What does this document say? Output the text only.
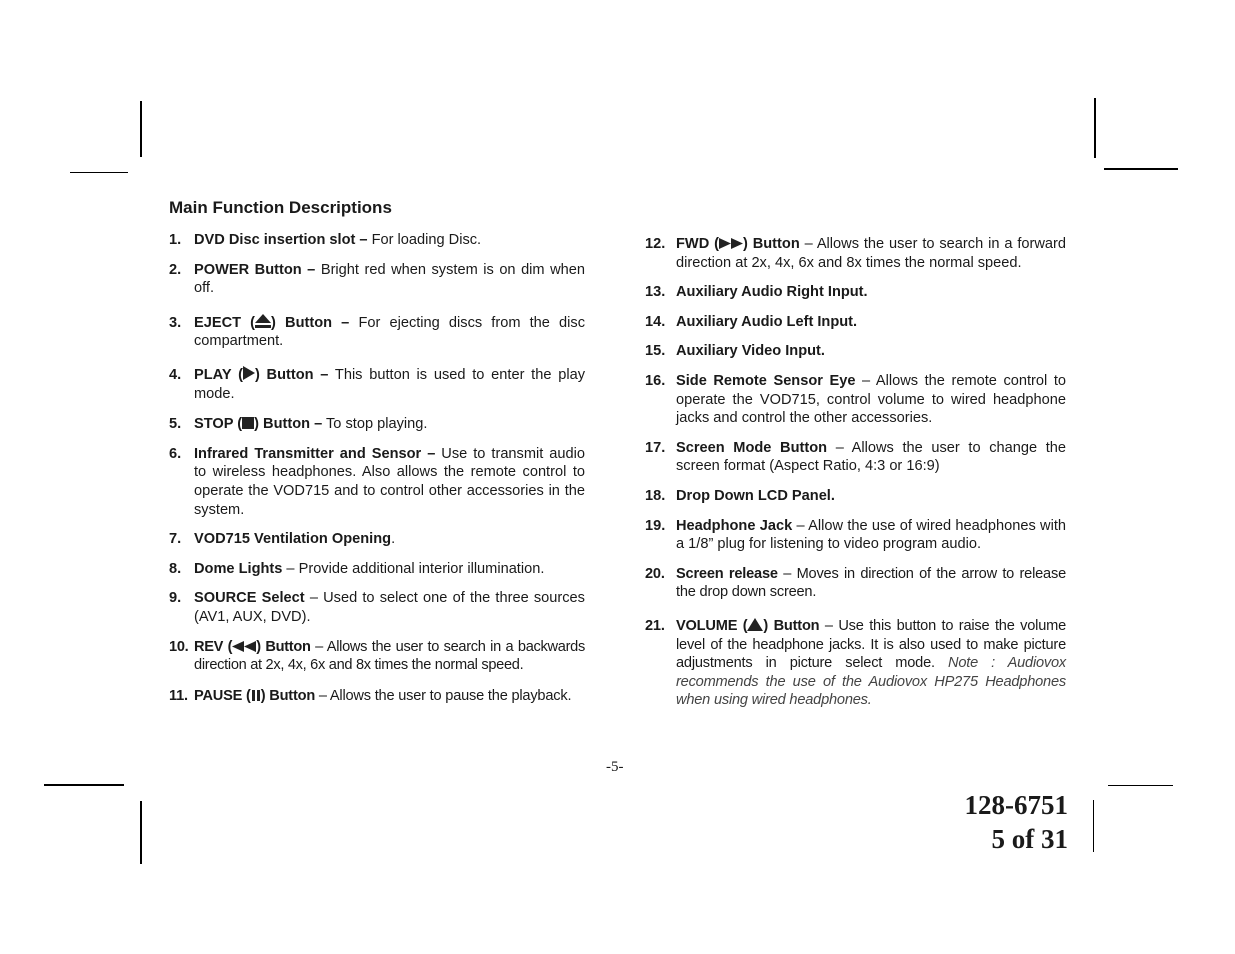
Main Function Descriptions
1. DVD Disc insertion slot – For loading Disc.
2. POWER Button – Bright red when system is on dim when off.
3. EJECT ( ) Button – For ejecting discs from the disc compartment.
4. PLAY ( ) Button – This button is used to enter the play mode.
5. STOP ( ) Button – To stop playing.
6. Infrared Transmitter and Sensor – Use to transmit audio to wireless headphones. Also allows the remote control to operate the VOD715 and to control other accessories in the system.
7. VOD715 Ventilation Opening.
8. Dome Lights – Provide additional interior illumination.
9. SOURCE Select – Used to select one of the three sources (AV1, AUX, DVD).
10. REV ( ) Button – Allows the user to search in a backwards direction at 2x, 4x, 6x and 8x times the normal speed.
11. PAUSE ( ) Button – Allows the user to pause the playback.
12. FWD ( ) Button – Allows the user to search in a forward direction at 2x, 4x, 6x and 8x times the normal speed.
13. Auxiliary Audio Right Input.
14. Auxiliary Audio Left Input.
15. Auxiliary Video Input.
16. Side Remote Sensor Eye – Allows the remote control to operate the VOD715, control volume to wired headphone jacks and control the other accessories.
17. Screen Mode Button – Allows the user to change the screen format (Aspect Ratio, 4:3 or 16:9)
18. Drop Down LCD Panel.
19. Headphone Jack – Allow the use of wired headphones with a 1/8” plug for listening to video program audio.
20. Screen release – Moves in direction of the arrow to release the drop down screen.
21. VOLUME ( ) Button – Use this button to raise the volume level of the headphone jacks. It is also used to make picture adjustments in picture select mode. Note : Audiovox recommends the use of the Audiovox HP275 Headphones when using wired headphones.
-5-
128-6751
5 of 31
